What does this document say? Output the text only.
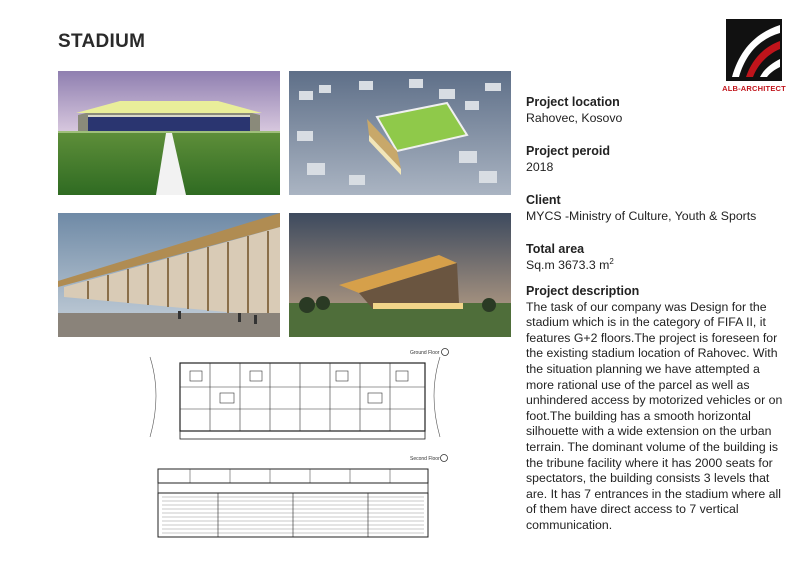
STADIUM
ALB-ARCHITECT
Ground Floor
Second Floor
Project location
Rahovec, Kosovo
Project peroid
2018
Client
MYCS -Ministry of Culture, Youth & Sports
Total area
Sq.m 3673.3 $m^2$
Project description
The task of our company was Design for the stadium which is in the category of FIFA II, it features G+2 floors.The project is foreseen for the existing stadium location of Rahovec. With the situation planning we have attempted a more rational use of the parcel as well as unhindered access by motorized vehicles or on foot.The building has a smooth horizontal silhouette with a wide extension on the urban terrain. The dominant volume of the building is the tribune facility where it has 2000 seats for spectators, the building consists 3 levels that are. It has 7 entrances in the stadium where all of them have direct access to 7 vertical communication.
